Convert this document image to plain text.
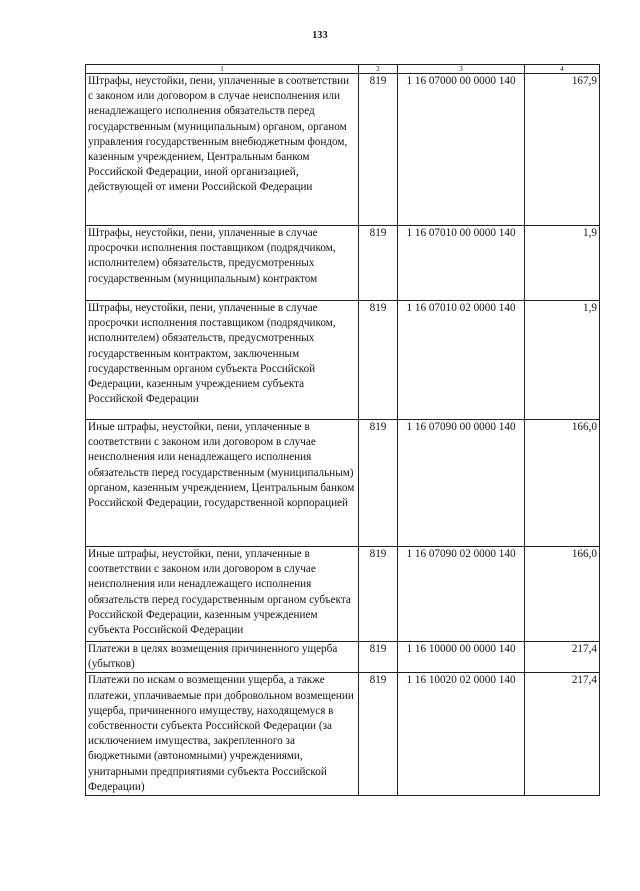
133
1	2	3	4
Штрафы, неустойки, пени, уплаченные в соответствии с законом или договором в случае неисполнения или ненадлежащего исполнения обязательств перед государственным (муниципальным) органом, органом управления государственным внебюджетным фондом, казенным учреждением, Центральным банком Российской Федерации, иной организацией, действующей от имени Российской Федерации	819	1 16 07000 00 0000 140	167,9
Штрафы, неустойки, пени, уплаченные в случае просрочки исполнения поставщиком (подрядчиком, исполнителем) обязательств, предусмотренных государственным (муниципальным) контрактом	819	1 16 07010 00 0000 140	1,9
Штрафы, неустойки, пени, уплаченные в случае просрочки исполнения поставщиком (подрядчиком, исполнителем) обязательств, предусмотренных государственным контрактом, заключенным государственным органом субъекта Российской Федерации, казенным учреждением субъекта Российской Федерации	819	1 16 07010 02 0000 140	1,9
Иные штрафы, неустойки, пени, уплаченные в соответствии с законом или договором в случае неисполнения или ненадлежащего исполнения обязательств перед государственным (муниципальным) органом, казенным учреждением, Центральным банком Российской Федерации, государственной корпорацией	819	1 16 07090 00 0000 140	166,0
Иные штрафы, неустойки, пени, уплаченные в соответствии с законом или договором в случае неисполнения или ненадлежащего исполнения обязательств перед государственным органом субъекта Российской Федерации, казенным учреждением субъекта Российской Федерации	819	1 16 07090 02 0000 140	166,0
Платежи в целях возмещения причиненного ущерба (убытков)	819	1 16 10000 00 0000 140	217,4
Платежи по искам о возмещении ущерба, а также платежи, уплачиваемые при добровольном возмещении ущерба, причиненного имуществу, находящемуся в собственности субъекта Российской Федерации (за исключением имущества, закрепленного за бюджетными (автономными) учреждениями, унитарными предприятиями субъекта Российской Федерации)	819	1 16 10020 02 0000 140	217,4
